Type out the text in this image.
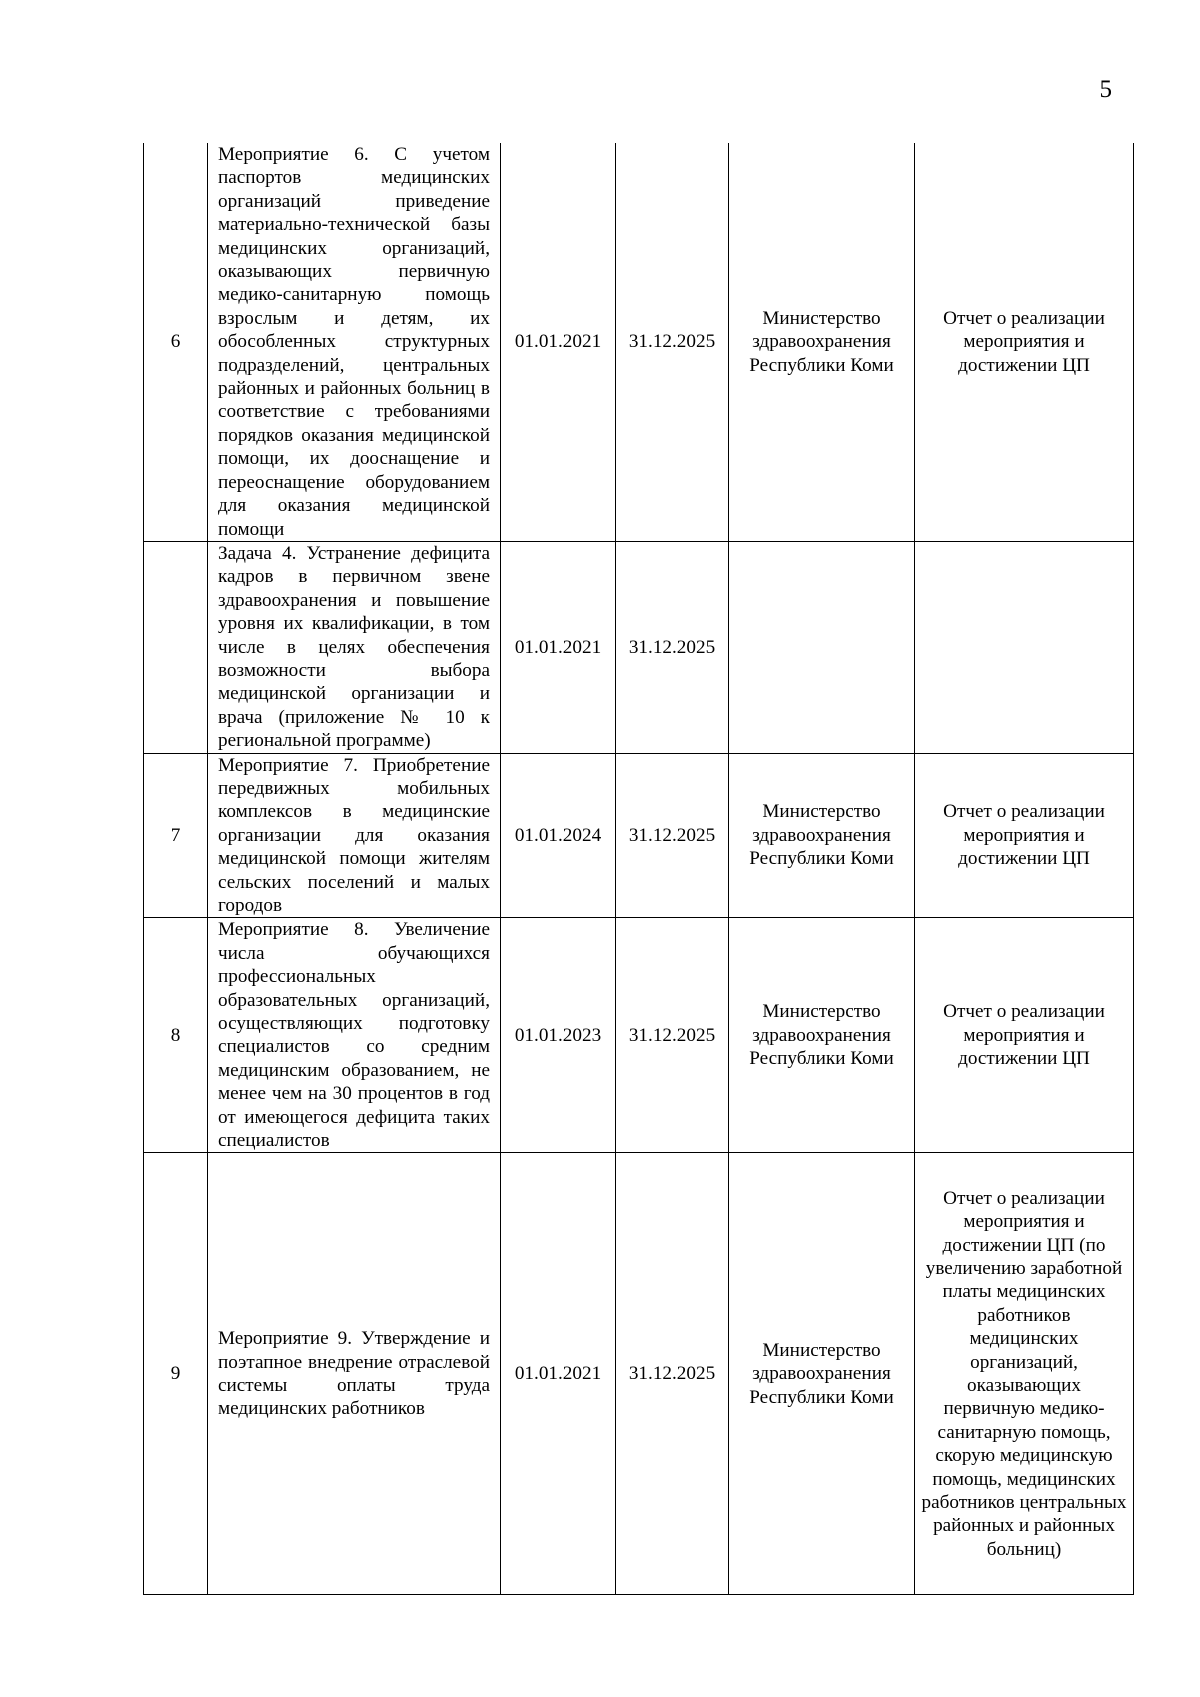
5
6	Мероприятие 6. С учетом паспортов медицинских организаций приведение материально-технической базы медицинских организаций, оказывающих первичную медико-санитарную помощь взрослым и детям, их обособленных структурных подразделений, центральных районных и районных больниц в соответствие с требованиями порядков оказания медицинской помощи, их дооснащение и переоснащение оборудованием для оказания медицинской помощи	01.01.2021	31.12.2025	Министерство здравоохранения Республики Коми	Отчет о реализации мероприятия и достижении ЦП
	Задача 4. Устранение дефицита кадров в первичном звене здравоохранения и повышение уровня их квалификации, в том числе в целях обеспечения возможности выбора медицинской организации и врача (приложение № 10 к региональной программе)	01.01.2021	31.12.2025		
7	Мероприятие 7. Приобретение передвижных мобильных комплексов в медицинские организации для оказания медицинской помощи жителям сельских поселений и малых городов	01.01.2024	31.12.2025	Министерство здравоохранения Республики Коми	Отчет о реализации мероприятия и достижении ЦП
8	Мероприятие 8. Увеличение числа обучающихся профессиональных образовательных организаций, осуществляющих подготовку специалистов со средним медицинским образованием, не менее чем на 30 процентов в год от имеющегося дефицита таких специалистов	01.01.2023	31.12.2025	Министерство здравоохранения Республики Коми	Отчет о реализации мероприятия и достижении ЦП
9	Мероприятие 9. Утверждение и поэтапное внедрение отраслевой системы оплаты труда медицинских работников	01.01.2021	31.12.2025	Министерство здравоохранения Республики Коми	Отчет о реализации мероприятия и достижении ЦП (по увеличению заработной платы медицинских работников медицинских организаций, оказывающих первичную медико-санитарную помощь, скорую медицинскую помощь, медицинских работников центральных районных и районных больниц)
